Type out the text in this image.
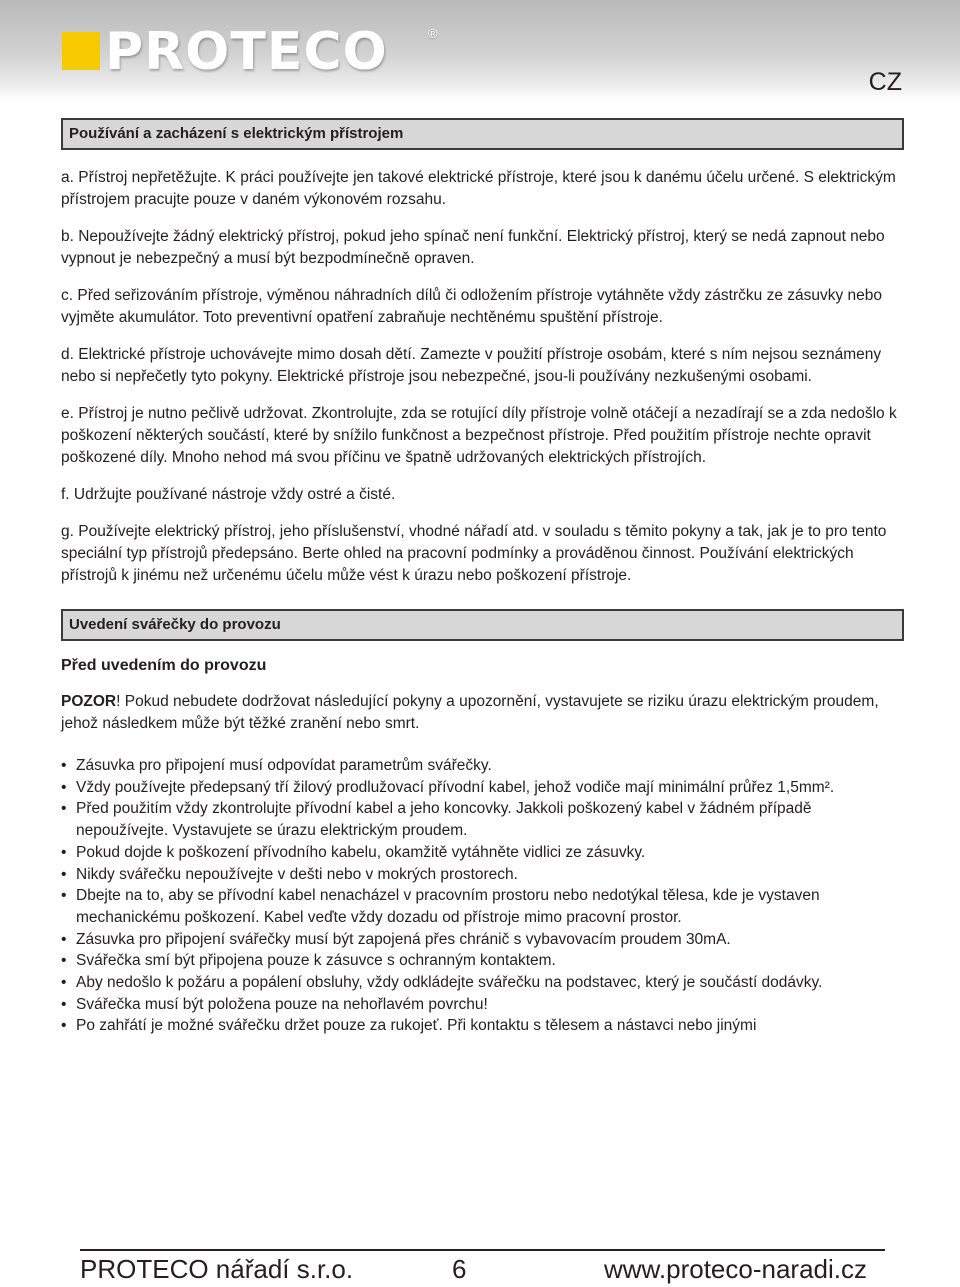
PROTECO	®
CZ
Používání a zacházení s elektrickým přístrojem

a. Přístroj nepřetěžujte. K práci používejte jen takové elektrické přístroje, které jsou k danému účelu určené. S elektrickým přístrojem pracujte pouze v daném výkonovém rozsahu.

b. Nepoužívejte žádný elektrický přístroj, pokud jeho spínač není funkční. Elektrický přístroj, který se nedá zapnout nebo vypnout je nebezpečný a musí být bezpodmínečně opraven.

c. Před seřizováním přístroje, výměnou náhradních dílů či odložením přístroje vytáhněte vždy zástrčku ze zásuvky nebo vyjměte akumulátor. Toto preventivní opatření zabraňuje nechtěnému spuštění přístroje.

d. Elektrické přístroje uchovávejte mimo dosah dětí. Zamezte v použití přístroje osobám, které s ním nejsou seznámeny nebo si nepřečetly tyto pokyny. Elektrické přístroje jsou nebezpečné, jsou-li používány nezkušenými osobami.

e. Přístroj je nutno pečlivě udržovat. Zkontrolujte, zda se rotující díly přístroje volně otáčejí a nezadírají se a zda nedošlo k poškození některých součástí, které by snížilo funkčnost a bezpečnost přístroje. Před použitím přístroje nechte opravit poškozené díly. Mnoho nehod má svou příčinu ve špatně udržovaných elektrických přístrojích.

f. Udržujte používané nástroje vždy ostré a čisté.

g. Používejte elektrický přístroj, jeho příslušenství, vhodné nářadí atd. v souladu s těmito pokyny a tak, jak je to pro tento speciální typ přístrojů předepsáno. Berte ohled na pracovní podmínky a prováděnou činnost. Používání elektrických přístrojů k jinému než určenému účelu může vést k úrazu nebo poškození přístroje.

Uvedení svářečky do provozu

Před uvedením do provozu

POZOR! Pokud nebudete dodržovat následující pokyny a upozornění, vystavujete se riziku úrazu elektrickým proudem, jehož následkem může být těžké zranění nebo smrt.

• Zásuvka pro připojení musí odpovídat parametrům svářečky.
• Vždy používejte předepsaný tří žilový prodlužovací přívodní kabel, jehož vodiče mají minimální průřez 1,5mm².
• Před použitím vždy zkontrolujte přívodní kabel a jeho koncovky. Jakkoli poškozený kabel v žádném případě nepoužívejte. Vystavujete se úrazu elektrickým proudem.
• Pokud dojde k poškození přívodního kabelu, okamžitě vytáhněte vidlici ze zásuvky.
• Nikdy svářečku nepoužívejte v dešti nebo v mokrých prostorech.
• Dbejte na to, aby se přívodní kabel nenacházel v pracovním prostoru nebo nedotýkal tělesa, kde je vystaven mechanickému poškození. Kabel veďte vždy dozadu od přístroje mimo pracovní prostor.
• Zásuvka pro připojení svářečky musí být zapojená přes chránič s vybavovacím proudem 30mA.
• Svářečka smí být připojena pouze k zásuvce s ochranným kontaktem.
• Aby nedošlo k požáru a popálení obsluhy, vždy odkládejte svářečku na podstavec, který je součástí dodávky.
• Svářečka musí být položena pouze na nehořlavém povrchu!
• Po zahřátí je možné svářečku držet pouze za rukojeť. Při kontaktu s tělesem a nástavci nebo jinými
PROTECO nářadí s.r.o.	6	www.proteco-naradi.cz
